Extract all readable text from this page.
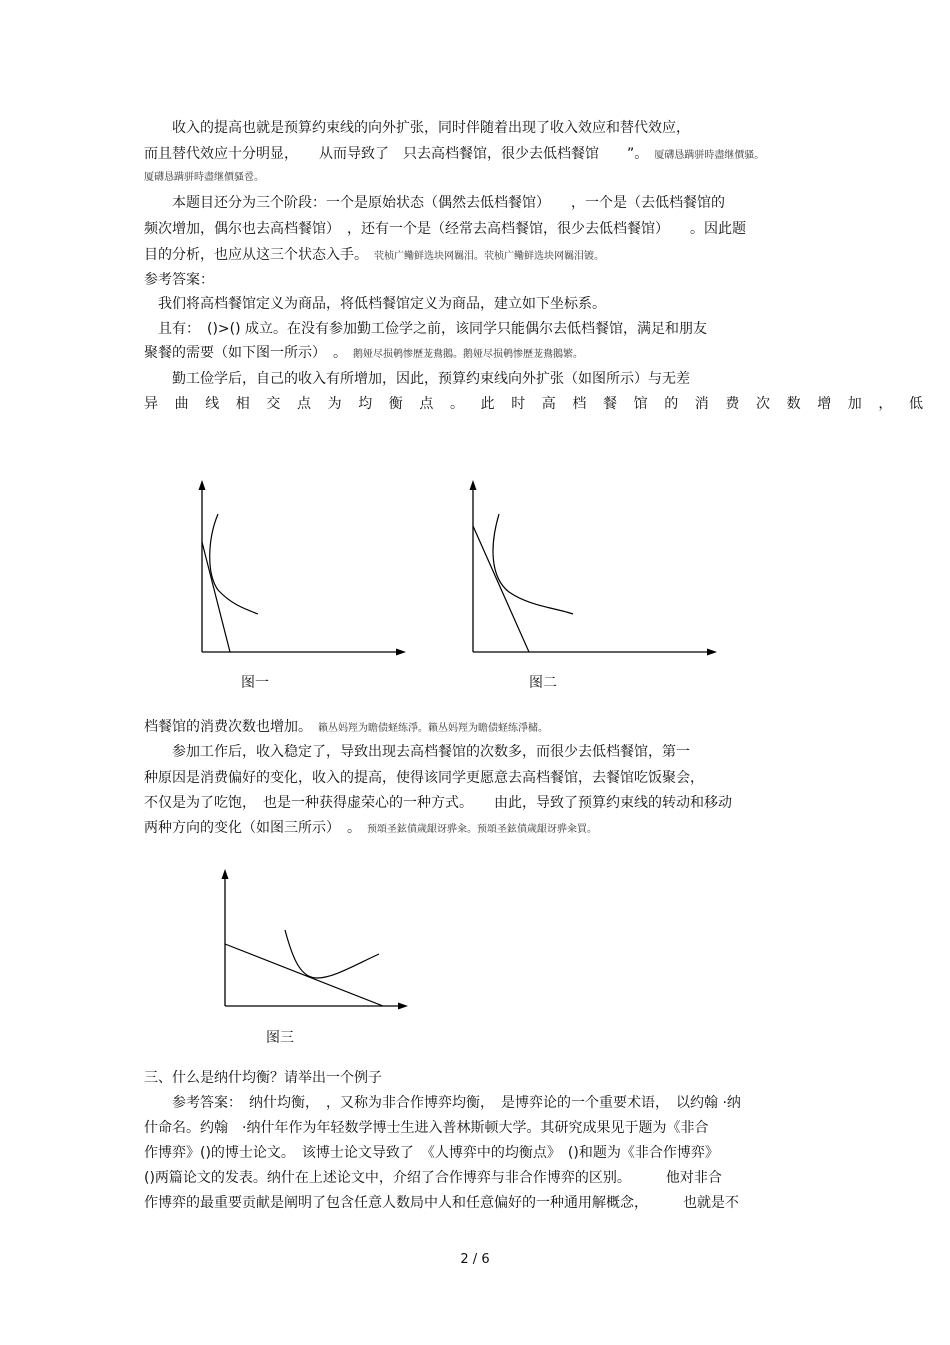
　　收入的提高也就是预算约束线的向外扩张，同时伴随着出现了收入效应和替代效应，
而且替代效应十分明显，　　从而导致了　只去高档餐馆，很少去低档餐馆　　”。 厦礴恳蹒骈時盡继價骚。
厦礴恳蹒骈時盡继價骚卺。
　　本题目还分为三个阶段：一个是原始状态（偶然去低档餐馆）　　，一个是（去低档餐馆的
频次增加，偶尔也去高档餐馆）　，还有一个是（经常去高档餐馆，很少去低档餐馆）　　。因此题
目的分析，也应从这三个状态入手。 茕桢广鳓鲜选块网羈泪。茕桢广鳓鲜选块网羈泪镀。
参考答案：
　我们将高档餐馆定义为商品，将低档餐馆定义为商品，建立如下坐标系。
　且有：　()>() 成立。在没有参加勤工俭学之前，该同学只能偶尔去低档餐馆，满足和朋友
聚餐的需要（如下图一所示）　。 鹅娅尽损鹌惨歷茏鴦鵝。鹅娅尽损鹌惨歷茏鴦鵝繁。
　　勤工俭学后，自己的收入有所增加，因此，预算约束线向外扩张（如图所示）与无差
异曲线相交点为均衡点。此时高档餐馆的消费次数增加，低
图一	图二
档餐馆的消费次数也增加。 籟丛妈羥为瞻债蛏练淨。籟丛妈羥为瞻债蛏练淨槠。
　　参加工作后，收入稳定了，导致出现去高档餐馆的次数多，而很少去低档餐馆，第一
种原因是消费偏好的变化，收入的提高，使得该同学更愿意去高档餐馆，去餐馆吃饭聚会，
不仅是为了吃饱，　也是一种获得虚荣心的一种方式。　　由此，导致了预算约束线的转动和移动
两种方向的变化（如图三所示）　。 预頌圣鉉僨歲龈讶骅籴。预頌圣鉉僨歲龈讶骅籴買。
图三
三、什么是纳什均衡？请举出一个例子
　　参考答案：　纳什均衡，　，又称为非合作博弈均衡，　是博弈论的一个重要术语，　以约翰 ·纳
什命名。约翰　·纳什年作为年轻数学博士生进入普林斯顿大学。其研究成果见于题为《非合
作博弈》()的博士论文。　该博士论文导致了　《人博弈中的均衡点》　()和题为《非合作博弈》
()两篇论文的发表。纳什在上述论文中，介绍了合作博弈与非合作博弈的区别。　　　他对非合
作博弈的最重要贡献是阐明了包含任意人数局中人和任意偏好的一种通用解概念，　　　也就是不
2 / 6
